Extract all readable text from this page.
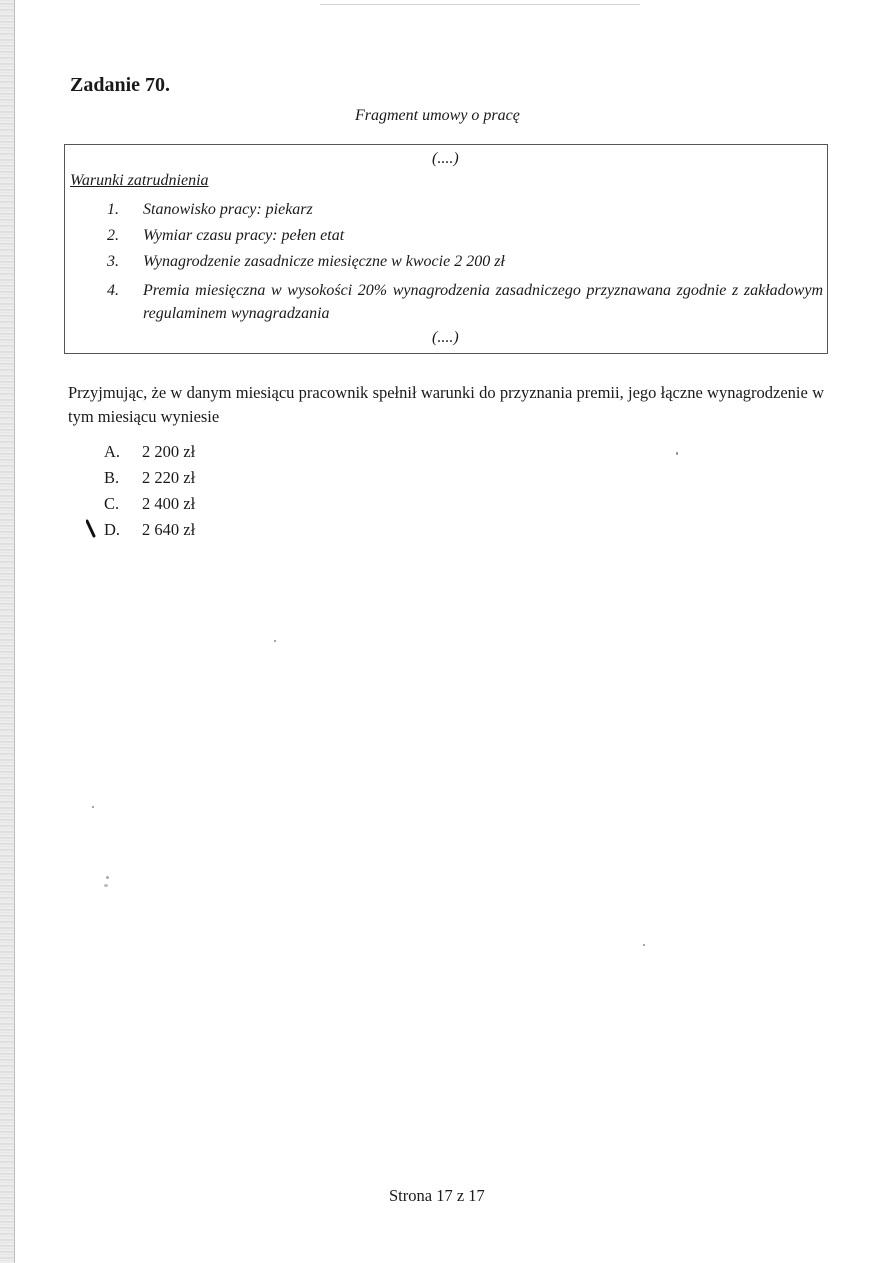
Zadanie 70.
Fragment umowy o pracę
(....)
Warunki zatrudnienia
1. Stanowisko pracy: piekarz
2. Wymiar czasu pracy: pełen etat
3. Wynagrodzenie zasadnicze miesięczne w kwocie 2 200 zł
4. Premia miesięczna w wysokości 20% wynagrodzenia zasadniczego przyznawana zgodnie z zakładowym regulaminem wynagradzania
(....)

Przyjmując, że w danym miesiącu pracownik spełnił warunki do przyznania premii, jego łączne wynagrodzenie w tym miesiącu wyniesie

A. 2 200 zł
B. 2 220 zł
C. 2 400 zł
D. 2 640 zł
Strona 17 z 17
